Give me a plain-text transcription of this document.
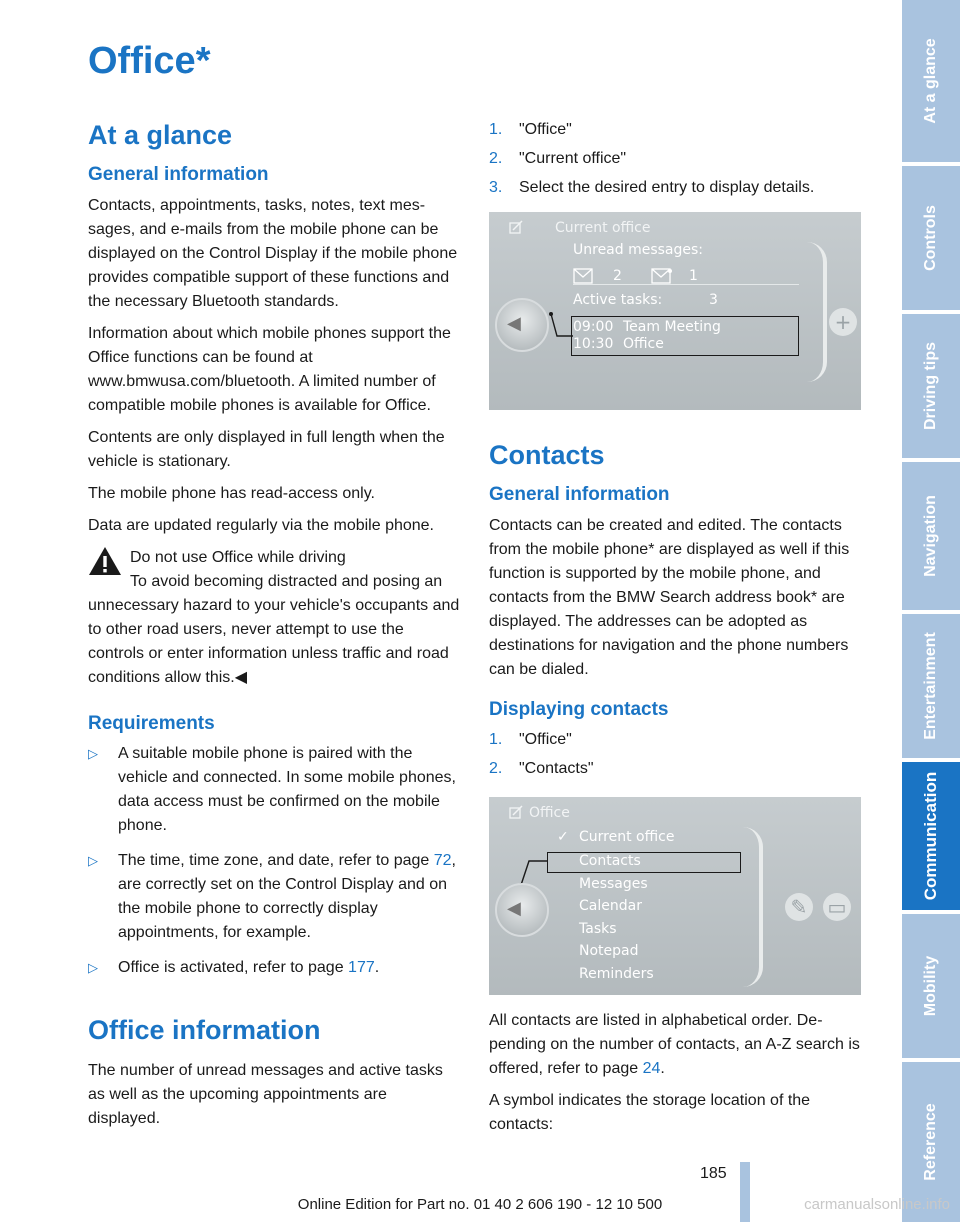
Office*
At a glance
General information

Contacts, appointments, tasks, notes, text messages, and e-mails from the mobile phone can be displayed on the Control Display if the mobile phone provides compatible support of these functions and the necessary Bluetooth standards.

Information about which mobile phones support the Office functions can be found at www.bmwusa.com/bluetooth. A limited number of compatible mobile phones is available for Office.

Contents are only displayed in full length when the vehicle is stationary.

The mobile phone has read-access only.

Data are updated regularly via the mobile phone.

Do not use Office while driving
To avoid becoming distracted and posing an unnecessary hazard to your vehicle's occupants and to other road users, never attempt to use the controls or enter information unless traffic and road conditions allow this.◀
Requirements
▷ A suitable mobile phone is paired with the vehicle and connected. In some mobile phones, data access must be confirmed on the mobile phone.
▷ The time, time zone, and date, refer to page 72, are correctly set on the Control Display and on the mobile phone to correctly display appointments, for example.
▷ Office is activated, refer to page 177.
Office information

The number of unread messages and active tasks as well as the upcoming appointments are displayed.

1. "Office"
2. "Current office"
3. Select the desired entry to display details.
Current office
Unread messages:
2	1
Active tasks:	3
09:00 Team Meeting
10:30 Office
◀	+
Contacts
General information

Contacts can be created and edited. The contacts from the mobile phone* are displayed as well if this function is supported by the mobile phone, and contacts from the BMW Search address book* are displayed. The addresses can be adopted as destinations for navigation and the phone numbers can be dialed.

Displaying contacts
1. "Office"
2. "Contacts"
Office
✓ Current office
Contacts
Messages
Calendar
Tasks
Notepad
Reminders
◀	✎ ▭

All contacts are listed in alphabetical order. Depending on the number of contacts, an A-Z search is offered, refer to page 24.

A symbol indicates the storage location of the contacts:

At a glance
Controls
Driving tips
Navigation
Entertainment
Communication
Mobility
Reference
185
Online Edition for Part no. 01 40 2 606 190 - 12 10 500	carmanualsonline.info
